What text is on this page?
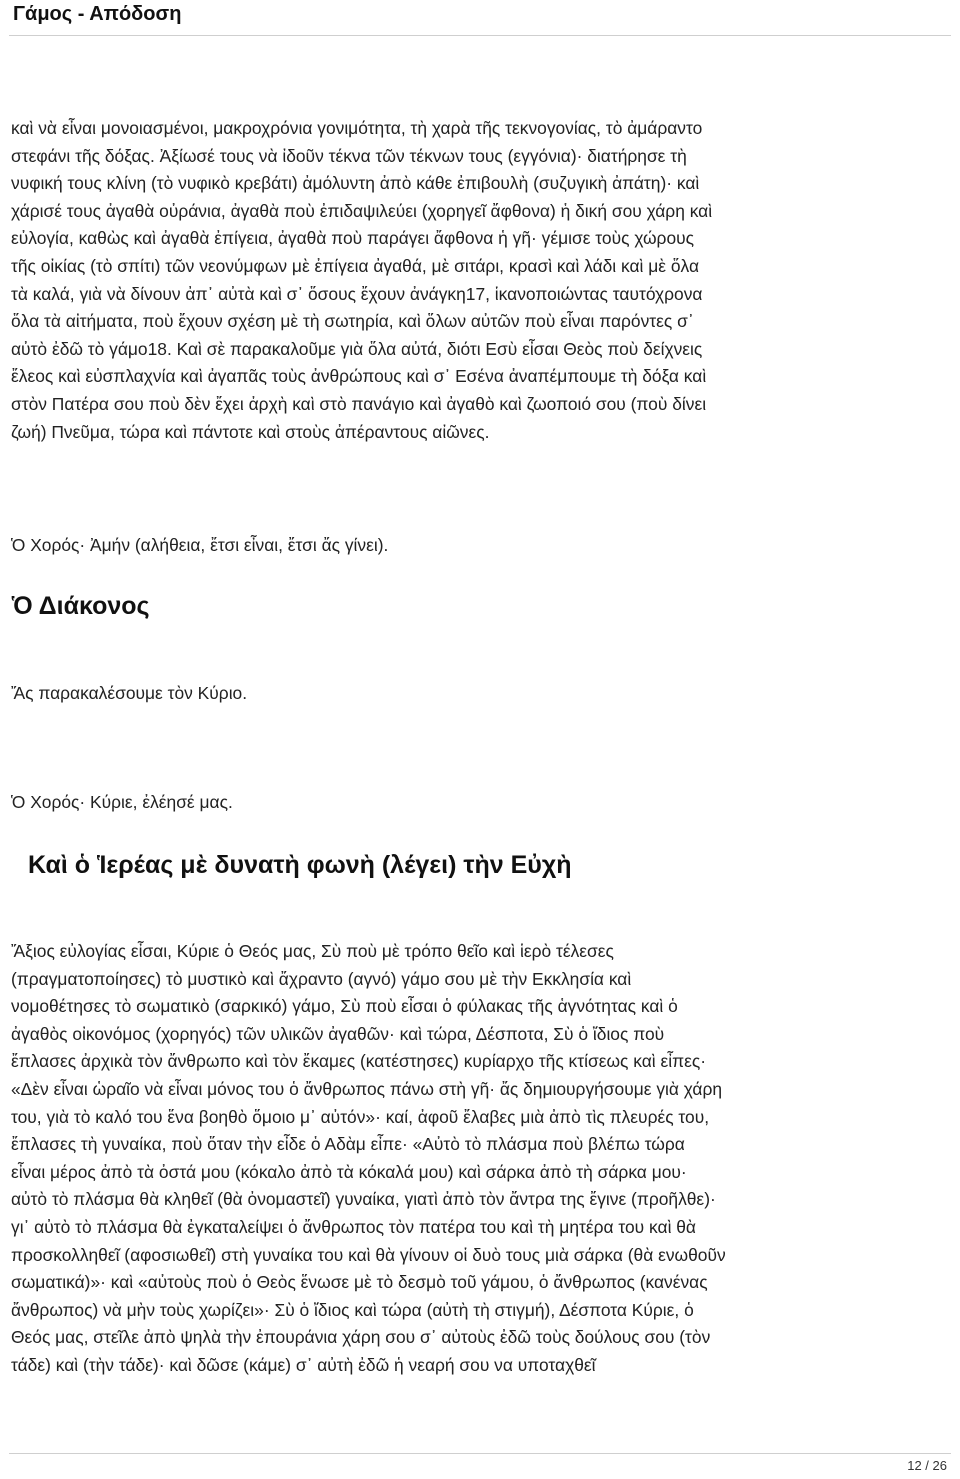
Γάμος - Απόδοση

καὶ νὰ εἶναι μονοιασμένοι, μακροχρόνια γονιμότητα, τὴ χαρὰ τῆς τεκνογονίας, τὸ ἀμάραντο
στεφάνι τῆς δόξας. Ἀξίωσέ τους νὰ ἰδοῦν τέκνα τῶν τέκνων τους (εγγόνια)· διατήρησε τὴ
νυφική τους κλίνη (τὸ νυφικὸ κρεβάτι) ἀμόλυντη ἀπὸ κάθε ἐπιβουλὴ (συζυγικὴ ἀπάτη)· καὶ
χάρισέ τους ἀγαθὰ οὐράνια, ἀγαθὰ ποὺ ἐπιδαψιλεύει (χορηγεῖ ἄφθονα) ἡ δική σου χάρη καὶ
εὐλογία, καθὼς καὶ ἀγαθὰ ἐπίγεια, ἀγαθὰ ποὺ παράγει ἄφθονα ἡ γῆ· γέμισε τοὺς χώρους
τῆς οἰκίας (τὸ σπίτι) τῶν νεονύμφων μὲ ἐπίγεια ἀγαθά, μὲ σιτάρι, κρασὶ καὶ λάδι καὶ μὲ ὅλα
τὰ καλά, γιὰ νὰ δίνουν ἀπ᾽ αὐτὰ καὶ σ᾽ ὅσους ἔχουν ἀνάγκη17, ἱκανοποιώντας ταυτόχρονα
ὅλα τὰ αἰτήματα, ποὺ ἔχουν σχέση μὲ τὴ σωτηρία, καὶ ὅλων αὐτῶν ποὺ εἶναι παρόντες σ᾽
αὐτὸ ἐδῶ τὸ γάμο18. Καὶ σὲ παρακαλοῦμε γιὰ ὅλα αὐτά, διότι Εσὺ εἶσαι Θεὸς ποὺ δείχνεις
ἔλεος καὶ εὐσπλαχνία καὶ ἀγαπᾶς τοὺς ἀνθρώπους καὶ σ᾽ Εσένα ἀναπέμπουμε τὴ δόξα καὶ
στὸν Πατέρα σου ποὺ δὲν ἔχει ἀρχὴ καὶ στὸ πανάγιο καὶ ἀγαθὸ καὶ ζωοποιό σου (ποὺ δίνει
ζωή) Πνεῦμα, τώρα καὶ πάντοτε καὶ στοὺς ἀπέραντους αἰῶνες.

Ὁ Χορός· Ἀμήν (αλήθεια, ἔτσι εἶναι, ἔτσι ἄς γίνει).

Ὁ Διάκονος

Ἄς παρακαλέσουμε τὸν Κύριο.

Ὁ Χορός· Κύριε, ἐλέησέ μας.

Καὶ ὁ Ἱερέας μὲ δυνατὴ φωνὴ (λέγει) τὴν Εὐχὴ

Ἄξιος εὐλογίας εἶσαι, Κύριε ὁ Θεός μας, Σὺ ποὺ μὲ τρόπο θεῖο καὶ ἱερὸ τέλεσες
(πραγματοποίησες) τὸ μυστικὸ καὶ ἄχραντο (αγνό) γάμο σου μὲ τὴν Εκκλησία καὶ
νομοθέτησες τὸ σωματικὸ (σαρκικό) γάμο, Σὺ ποὺ εἶσαι ὁ φύλακας τῆς ἁγνότητας καὶ ὁ
ἀγαθὸς οἰκονόμος (χορηγός) τῶν υλικῶν ἀγαθῶν· καὶ τώρα, Δέσποτα, Σὺ ὁ ἴδιος ποὺ
ἔπλασες ἀρχικὰ τὸν ἄνθρωπο καὶ τὸν ἔκαμες (κατέστησες) κυρίαρχο τῆς κτίσεως καὶ εἶπες·
«Δὲν εἶναι ὡραῖο νὰ εἶναι μόνος του ὁ ἄνθρωπος πάνω στὴ γῆ· ἄς δημιουργήσουμε γιὰ χάρη
του, γιὰ τὸ καλό του ἕνα βοηθὸ ὅμοιο μ᾽ αὐτόν»· καί, ἀφοῦ ἔλαβες μιὰ ἀπὸ τὶς πλευρές του,
ἔπλασες τὴ γυναίκα, ποὺ ὅταν τὴν εἶδε ὁ Αδὰμ εἶπε· «Αὐτὸ τὸ πλάσμα ποὺ βλέπω τώρα
εἶναι μέρος ἀπὸ τὰ ὀστά μου (κόκαλο ἀπὸ τὰ κόκαλά μου) καὶ σάρκα ἀπὸ τὴ σάρκα μου·
αὐτὸ τὸ πλάσμα θὰ κληθεῖ (θὰ ὀνομαστεῖ) γυναίκα, γιατὶ ἀπὸ τὸν ἄντρα της ἔγινε (προῆλθε)·
γι᾽ αὐτὸ τὸ πλάσμα θὰ ἐγκαταλείψει ὁ ἄνθρωπος τὸν πατέρα του καὶ τὴ μητέρα του καὶ θὰ
προσκολληθεῖ (αφοσιωθεῖ) στὴ γυναίκα του καὶ θὰ γίνουν οἱ δυὸ τους μιὰ σάρκα (θὰ ενωθοῦν
σωματικά)»· καὶ «αὐτοὺς ποὺ ὁ Θεὸς ἕνωσε μὲ τὸ δεσμὸ τοῦ γάμου, ὁ ἄνθρωπος (κανένας
ἄνθρωπος) νὰ μὴν τοὺς χωρίζει»· Σὺ ὁ ἴδιος καὶ τώρα (αὐτὴ τὴ στιγμή), Δέσποτα Κύριε, ὁ
Θεός μας, στεῖλε ἀπὸ ψηλὰ τὴν ἐπουράνια χάρη σου σ᾽ αὐτοὺς ἐδῶ τοὺς δούλους σου (τὸν
τάδε) καὶ (τὴν τάδε)· καὶ δῶσε (κάμε) σ᾽ αὐτὴ ἐδῶ ἡ νεαρή σου να υποταχθεῖ

12 / 26
